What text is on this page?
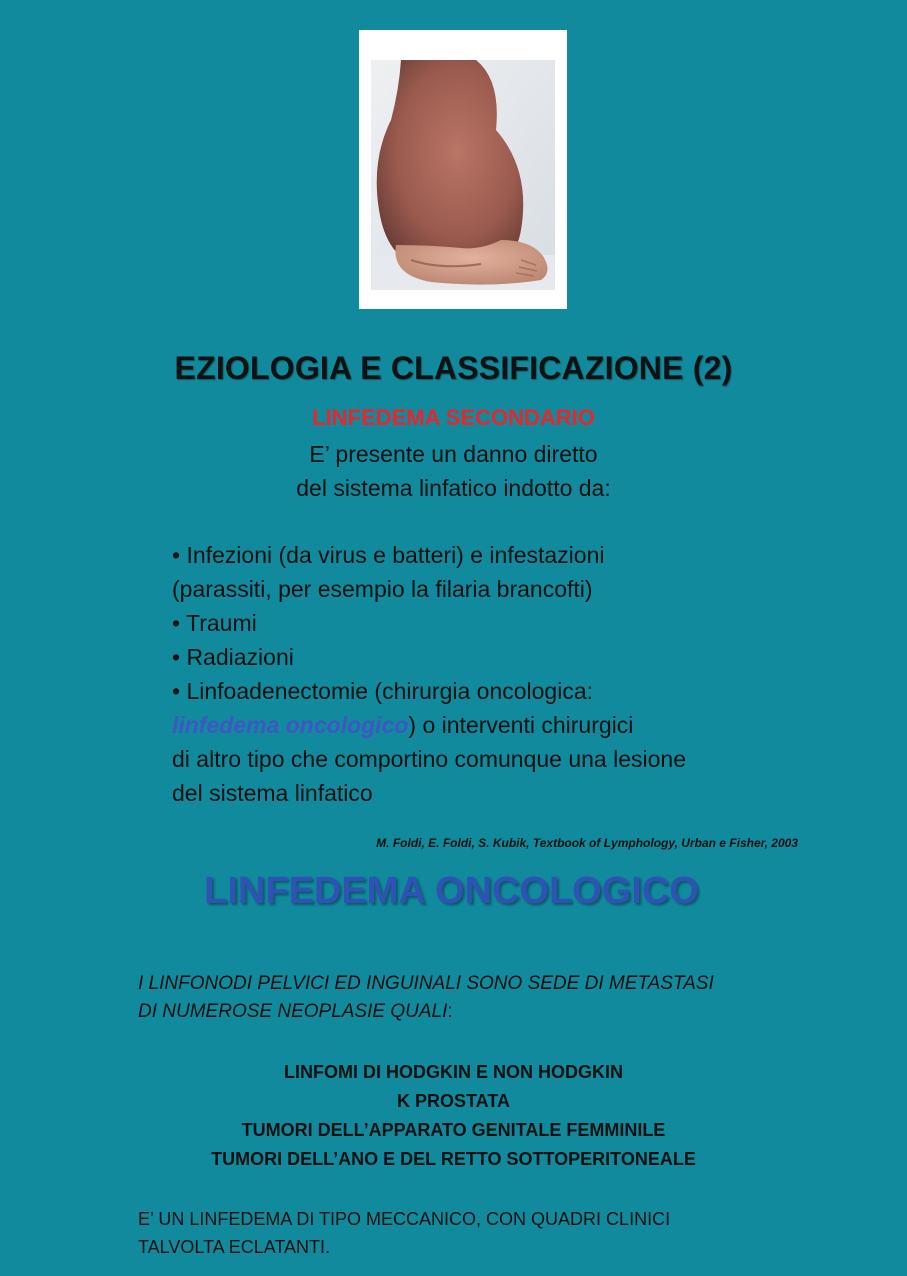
EZIOLOGIA E CLASSIFICAZIONE (2)
LINFEDEMA SECONDARIO
E’ presente un danno diretto
del sistema linfatico indotto da:
• Infezioni (da virus e batteri) e infestazioni
(parassiti, per esempio la filaria brancofti)
• Traumi
• Radiazioni
• Linfoadenectomie (chirurgia oncologica:
linfedema oncologico) o interventi chirurgici
di altro tipo che comportino comunque una lesione
del sistema linfatico
M. Foldi, E. Foldi, S. Kubik, Textbook of Lymphology, Urban e Fisher, 2003
LINFEDEMA ONCOLOGICO
I LINFONODI PELVICI ED INGUINALI SONO SEDE DI METASTASI
DI NUMEROSE NEOPLASIE QUALI:
LINFOMI DI HODGKIN E NON HODGKIN
K PROSTATA
TUMORI DELL’APPARATO GENITALE FEMMINILE
TUMORI DELL’ANO E DEL RETTO SOTTOPERITONEALE
E’ UN LINFEDEMA DI TIPO MECCANICO, CON QUADRI CLINICI
TALVOLTA ECLATANTI.
